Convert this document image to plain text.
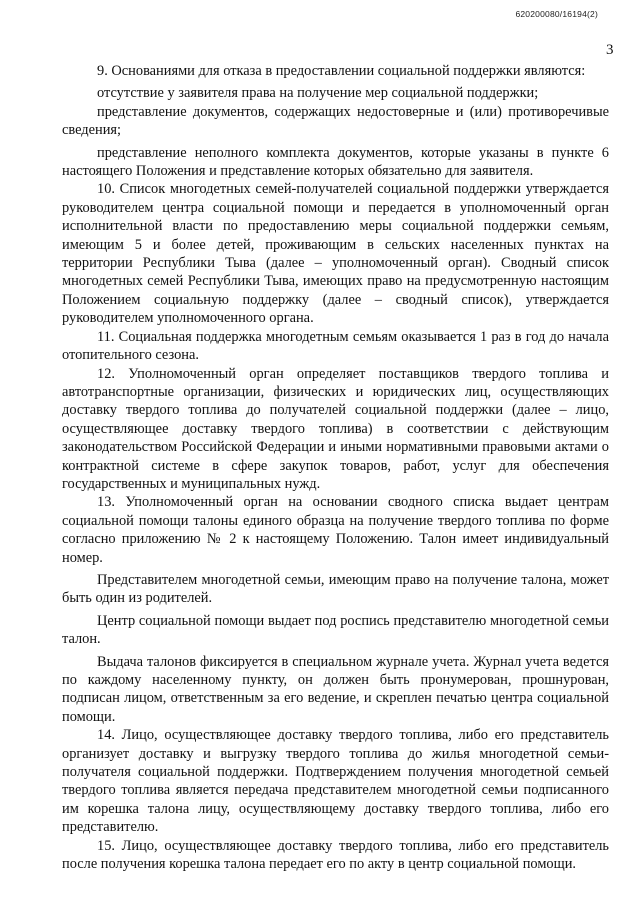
620200080/16194(2)
3

9. Основаниями для отказа в предоставлении социальной поддержки являются:

отсутствие у заявителя права на получение мер социальной поддержки;

представление документов, содержащих недостоверные и (или) противоречивые сведения;

представление неполного комплекта документов, которые указаны в пункте 6 настоящего Положения и представление которых обязательно для заявителя.

10. Список многодетных семей-получателей социальной поддержки утверждается руководителем центра социальной помощи и передается в уполномоченный орган исполнительной власти по предоставлению меры социальной поддержки семьям, имеющим 5 и более детей, проживающим в сельских населенных пунктах на территории Республики Тыва (далее – уполномоченный орган). Сводный список многодетных семей Республики Тыва, имеющих право на предусмотренную настоящим Положением социальную поддержку (далее – сводный список), утверждается руководителем уполномоченного органа.

11. Социальная поддержка многодетным семьям оказывается 1 раз в год до начала отопительного сезона.

12. Уполномоченный орган определяет поставщиков твердого топлива и автотранспортные организации, физических и юридических лиц, осуществляющих доставку твердого топлива до получателей социальной поддержки (далее – лицо, осуществляющее доставку твердого топлива) в соответствии с действующим законодательством Российской Федерации и иными нормативными правовыми актами о контрактной системе в сфере закупок товаров, работ, услуг для обеспечения государственных и муниципальных нужд.

13. Уполномоченный орган на основании сводного списка выдает центрам социальной помощи талоны единого образца на получение твердого топлива по форме согласно приложению № 2 к настоящему Положению. Талон имеет индивидуальный номер.

Представителем многодетной семьи, имеющим право на получение талона, может быть один из родителей.

Центр социальной помощи выдает под роспись представителю многодетной семьи талон.

Выдача талонов фиксируется в специальном журнале учета. Журнал учета ведется по каждому населенному пункту, он должен быть пронумерован, прошнурован, подписан лицом, ответственным за его ведение, и скреплен печатью центра социальной помощи.

14. Лицо, осуществляющее доставку твердого топлива, либо его представитель организует доставку и выгрузку твердого топлива до жилья многодетной семьи-получателя социальной поддержки. Подтверждением получения многодетной семьей твердого топлива является передача представителем многодетной семьи подписанного им корешка талона лицу, осуществляющему доставку твердого топлива, либо его представителю.

15. Лицо, осуществляющее доставку твердого топлива, либо его представитель после получения корешка талона передает его по акту в центр социальной помощи.
